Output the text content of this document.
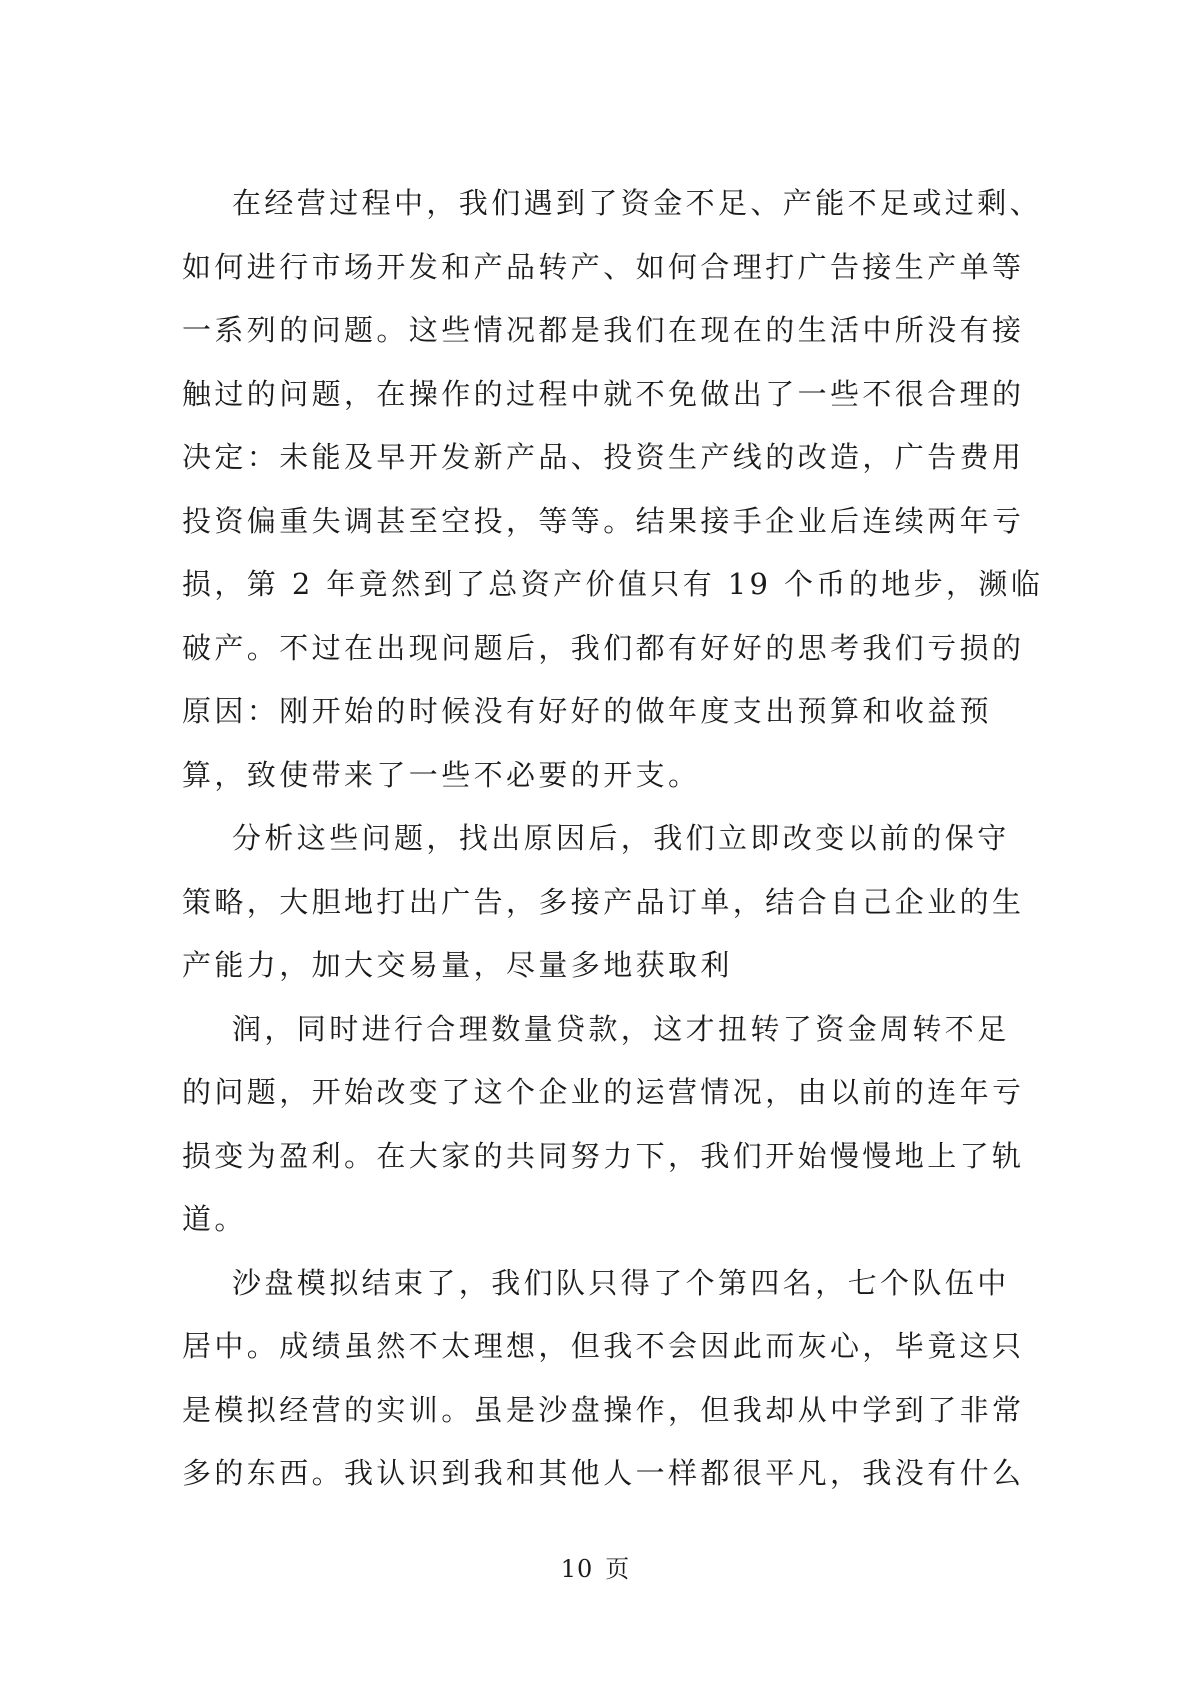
在经营过程中，我们遇到了资金不足、产能不足或过剩、
如何进行市场开发和产品转产、如何合理打广告接生产单等
一系列的问题。这些情况都是我们在现在的生活中所没有接
触过的问题，在操作的过程中就不免做出了一些不很合理的
决定：未能及早开发新产品、投资生产线的改造，广告费用
投资偏重失调甚至空投，等等。结果接手企业后连续两年亏
损，第 2 年竟然到了总资产价值只有 19 个币的地步，濒临
破产。不过在出现问题后，我们都有好好的思考我们亏损的
原因：刚开始的时候没有好好的做年度支出预算和收益预
算，致使带来了一些不必要的开支。
分析这些问题，找出原因后，我们立即改变以前的保守
策略，大胆地打出广告，多接产品订单，结合自己企业的生
产能力，加大交易量，尽量多地获取利
润，同时进行合理数量贷款，这才扭转了资金周转不足
的问题，开始改变了这个企业的运营情况，由以前的连年亏
损变为盈利。在大家的共同努力下，我们开始慢慢地上了轨
道。
沙盘模拟结束了，我们队只得了个第四名，七个队伍中
居中。成绩虽然不太理想，但我不会因此而灰心，毕竟这只
是模拟经营的实训。虽是沙盘操作，但我却从中学到了非常
多的东西。我认识到我和其他人一样都很平凡，我没有什么
10 页
